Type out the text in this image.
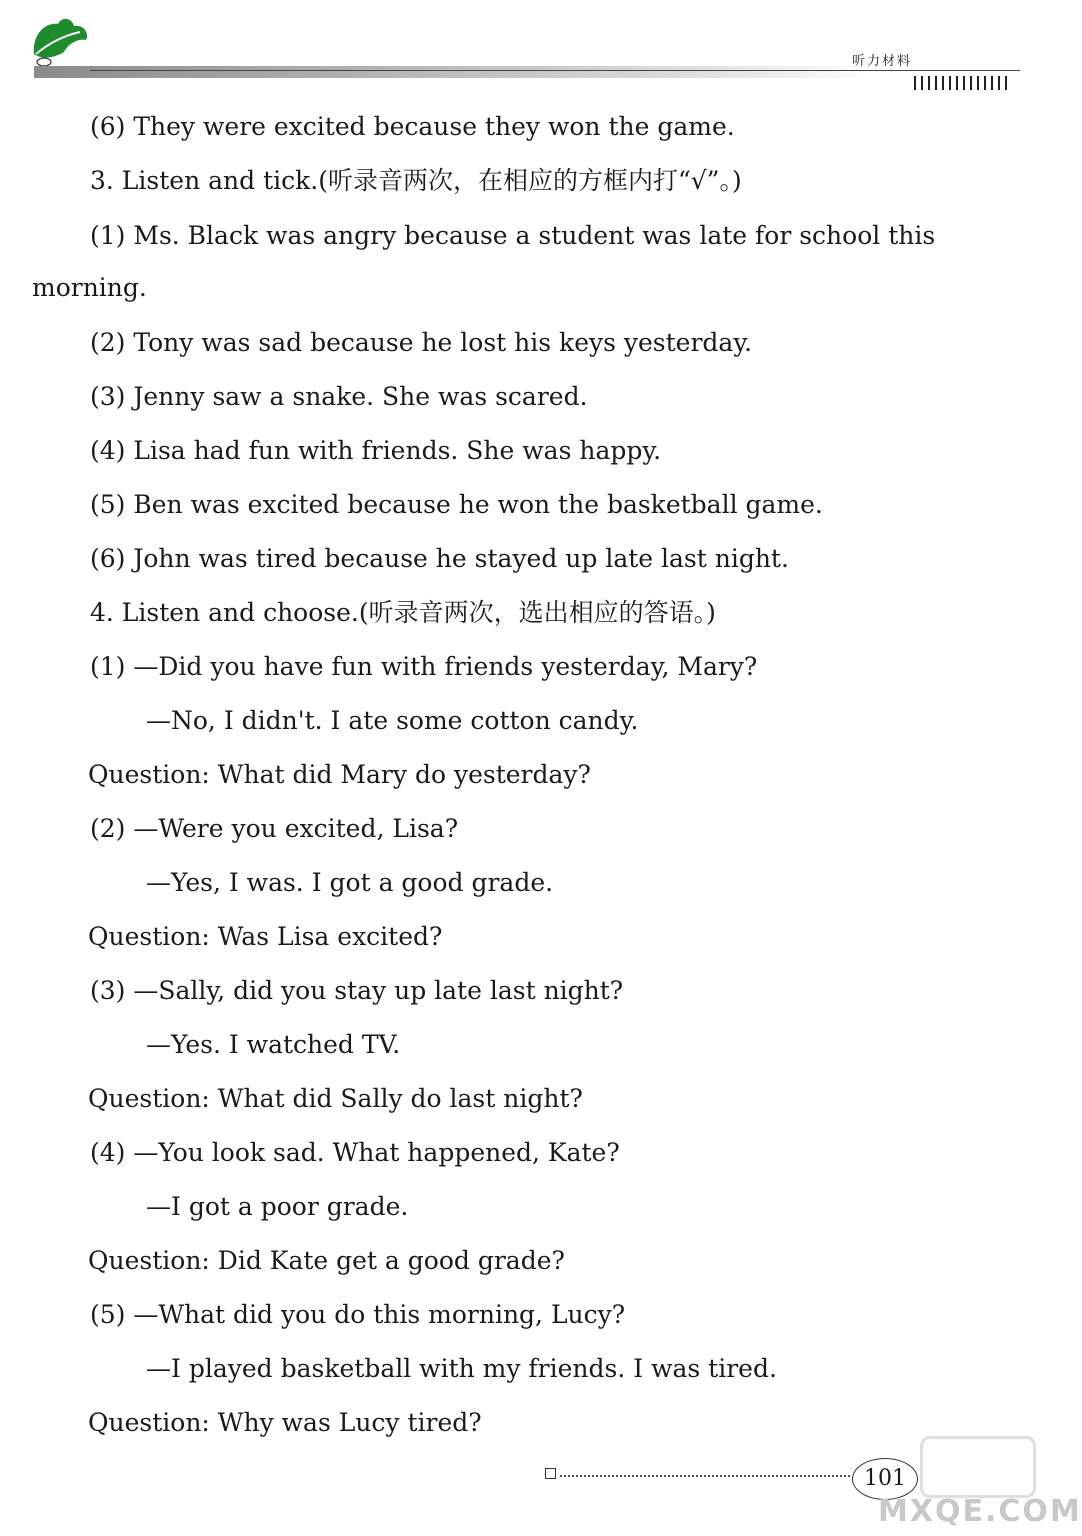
听力材料
(6) They were excited because they won the game.
3. Listen and tick.(听录音两次，在相应的方框内打“√”。)
(1) Ms. Black was angry because a student was late for school this
morning.
(2) Tony was sad because he lost his keys yesterday.
(3) Jenny saw a snake. She was scared.
(4) Lisa had fun with friends. She was happy.
(5) Ben was excited because he won the basketball game.
(6) John was tired because he stayed up late last night.
4. Listen and choose.(听录音两次，选出相应的答语。)
(1) —Did you have fun with friends yesterday, Mary?
—No, I didn't. I ate some cotton candy.
Question: What did Mary do yesterday?
(2) —Were you excited, Lisa?
—Yes, I was. I got a good grade.
Question: Was Lisa excited?
(3) —Sally, did you stay up late last night?
—Yes. I watched TV.
Question: What did Sally do last night?
(4) —You look sad. What happened, Kate?
—I got a poor grade.
Question: Did Kate get a good grade?
(5) —What did you do this morning, Lucy?
—I played basketball with my friends. I was tired.
Question: Why was Lucy tired?
101
MXQE.COM
